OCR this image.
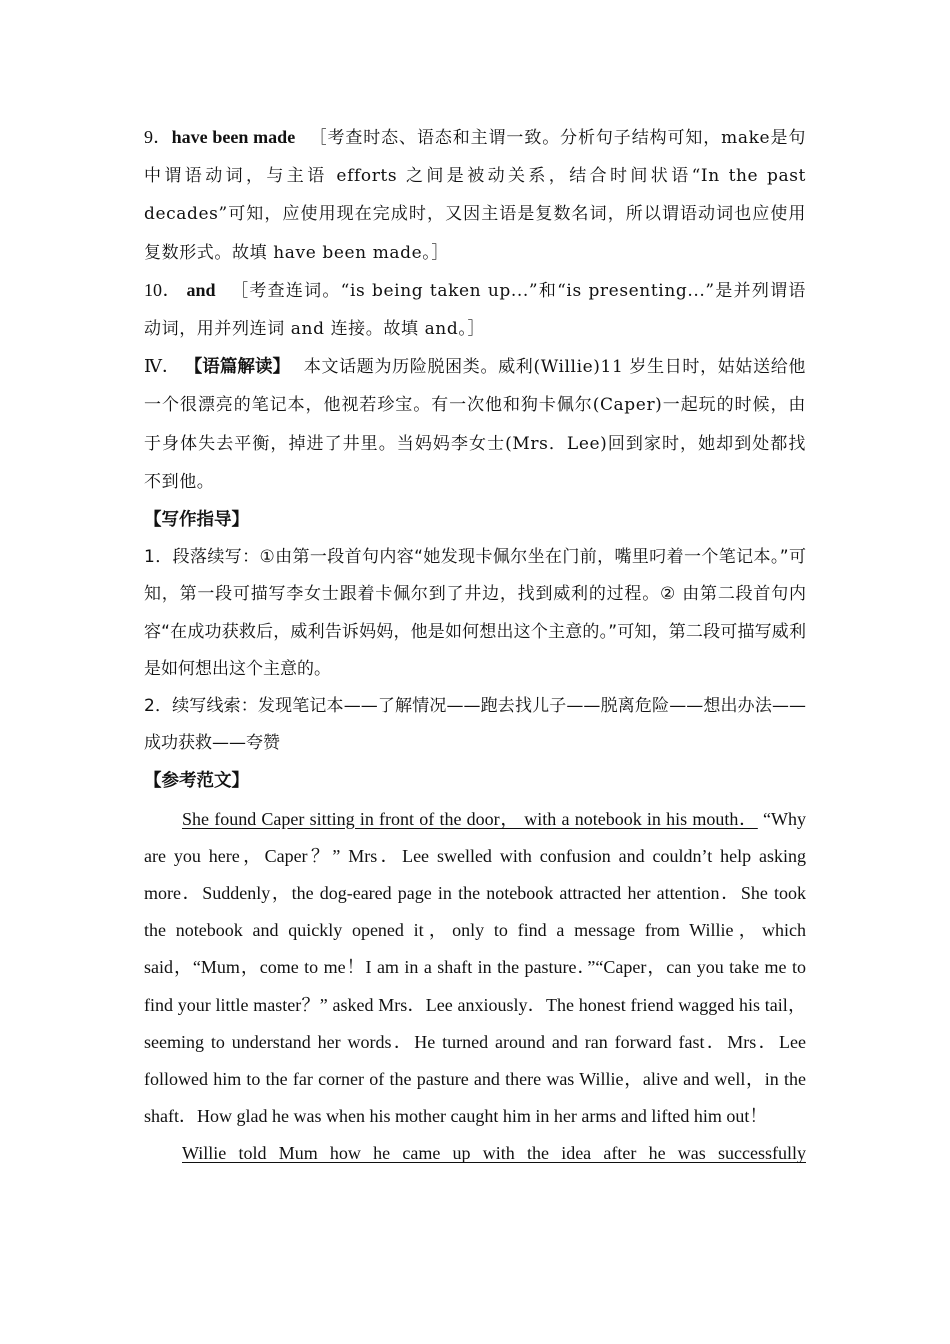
9．have been made ［考查时态、语态和主谓一致。分析句子结构可知，make是句中谓语动词，与主语 efforts 之间是被动关系，结合时间状语“In the past decades”可知，应使用现在完成时，又因主语是复数名词，所以谓语动词也应使用复数形式。故填 have been made。］

10． and ［考查连词。“is being taken up...”和“is presenting...”是并列谓语动词，用并列连词 and 连接。故填 and。］

Ⅳ． 【语篇解读】 本文话题为历险脱困类。威利(Willie)11 岁生日时，姑姑送给他一个很漂亮的笔记本，他视若珍宝。有一次他和狗卡佩尔(Caper)一起玩的时候，由于身体失去平衡，掉进了井里。当妈妈李女士(Mrs．Lee)回到家时，她却到处都找不到他。

【写作指导】

1．段落续写：①由第一段首句内容“她发现卡佩尔坐在门前，嘴里叼着一个笔记本。”可知，第一段可描写李女士跟着卡佩尔到了井边，找到威利的过程。② 由第二段首句内容“在成功获救后，威利告诉妈妈，他是如何想出这个主意的。”可知，第二段可描写威利是如何想出这个主意的。

2．续写线索：发现笔记本——了解情况——跑去找儿子——脱离危险——想出办法——成功获救——夸赞

【参考范文】

She found Caper sitting in front of the door， with a notebook in his mouth． “Why are you here，Caper？” Mrs．Lee swelled with confusion and couldn’t help asking more．Suddenly，the dog-eared page in the notebook attracted her attention．She took the notebook and quickly opened it，only to find a message from Willie，which said，“Mum，come to me！I am in a shaft in the pasture．”“Caper，can you take me to find your little master？” asked Mrs．Lee anxiously．The honest friend wagged his tail，seeming to understand her words．He turned around and ran forward fast．Mrs．Lee followed him to the far corner of the pasture and there was Willie，alive and well，in the shaft．How glad he was when his mother caught him in her arms and lifted him out！

Willie told Mum how he came up with the idea after he was successfully
